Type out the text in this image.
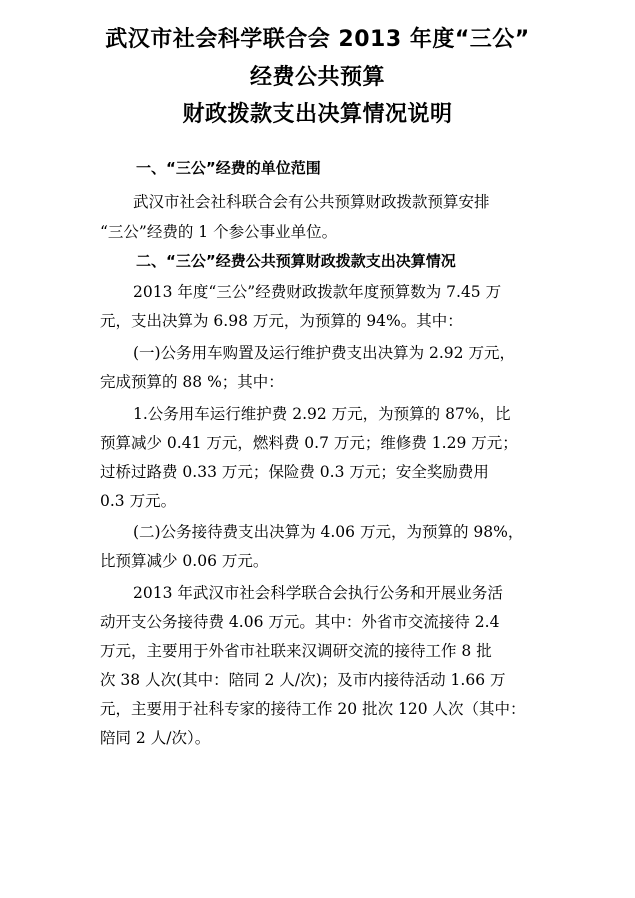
武汉市社会科学联合会 2013 年度“三公”
经费公共预算
财政拨款支出决算情况说明
一、“三公”经费的单位范围
武汉市社会社科联合会有公共预算财政拨款预算安排
“三公”经费的 1 个参公事业单位。
二、“三公”经费公共预算财政拨款支出决算情况
2013 年度“三公”经费财政拨款年度预算数为 7.45 万
元，支出决算为 6.98 万元，为预算的 94%。其中：
(一)公务用车购置及运行维护费支出决算为 2.92 万元，
完成预算的 88 %；其中：
1.公务用车运行维护费 2.92 万元，为预算的 87%，比
预算减少 0.41 万元，燃料费 0.7 万元；维修费 1.29 万元；
过桥过路费 0.33 万元；保险费 0.3 万元；安全奖励费用
0.3 万元。
(二)公务接待费支出决算为 4.06 万元，为预算的 98%，
比预算减少 0.06 万元。
2013 年武汉市社会科学联合会执行公务和开展业务活
动开支公务接待费 4.06 万元。其中：外省市交流接待 2.4
万元，主要用于外省市社联来汉调研交流的接待工作 8 批
次 38 人次(其中：陪同 2 人/次)；及市内接待活动 1.66 万
元，主要用于社科专家的接待工作 20 批次 120 人次（其中：
陪同 2 人/次）。
